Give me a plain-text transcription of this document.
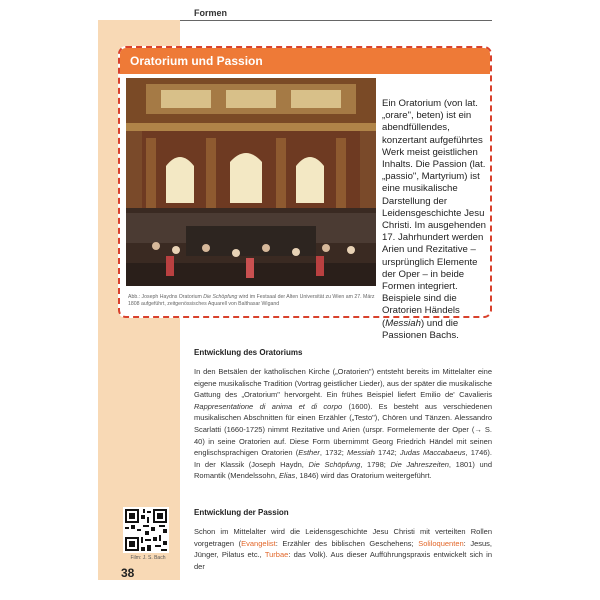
Formen
Oratorium und Passion
Abb.: Joseph Haydns Oratorium Die Schöpfung wird im Festsaal der Alten Universität zu Wien am 27. März 1808 aufgeführt, zeitgenössisches Aquarell von Balthasar Wigand
Ein Oratorium (von lat. „orare", beten) ist ein abendfüllendes, konzertant aufgeführtes Werk meist geistlichen Inhalts. Die Passion (lat. „passio", Martyrium) ist eine musikalische Darstellung der Leidensgeschichte Jesu Christi. Im ausgehenden 17. Jahrhundert werden Arien und Rezitative – ursprünglich Elemente der Oper – in beide Formen integriert. Beispiele sind die Oratorien Händels (Messiah) und die Passionen Bachs.
Entwicklung des Oratoriums
In den Betsälen der katholischen Kirche („Oratorien") entsteht bereits im Mittelalter eine eigene musikalische Tradition (Vortrag geistlicher Lieder), aus der später die musikalische Gattung des „Oratorium" hervorgeht. Ein frühes Beispiel liefert Emilio de' Cavalieris Rappresentatione di anima et di corpo (1600). Es besteht aus verschiedenen musikalischen Abschnitten für einen Erzähler („Testo"), Chören und Tänzen. Alessandro Scarlatti (1660-1725) nimmt Rezitative und Arien (urspr. Formelemente der Oper (→ S. 40) in seine Oratorien auf. Diese Form übernimmt Georg Friedrich Händel mit seinen englischsprachigen Oratorien (Esther, 1732; Messiah 1742; Judas Maccabaeus, 1746). In der Klassik (Joseph Haydn, Die Schöpfung, 1798; Die Jahreszeiten, 1801) und Romantik (Mendelssohn, Elias, 1846) wird das Oratorium weitergeführt.
Entwicklung der Passion
Schon im Mittelalter wird die Leidensgeschichte Jesu Christi mit verteilten Rollen vorgetragen (Evangelist: Erzähler des biblischen Geschehens; Soliloquenten: Jesus, Jünger, Pilatus etc., Turbae: das Volk). Aus dieser Aufführungspraxis entwickelt sich in der
Film: J. S. Bach
38
